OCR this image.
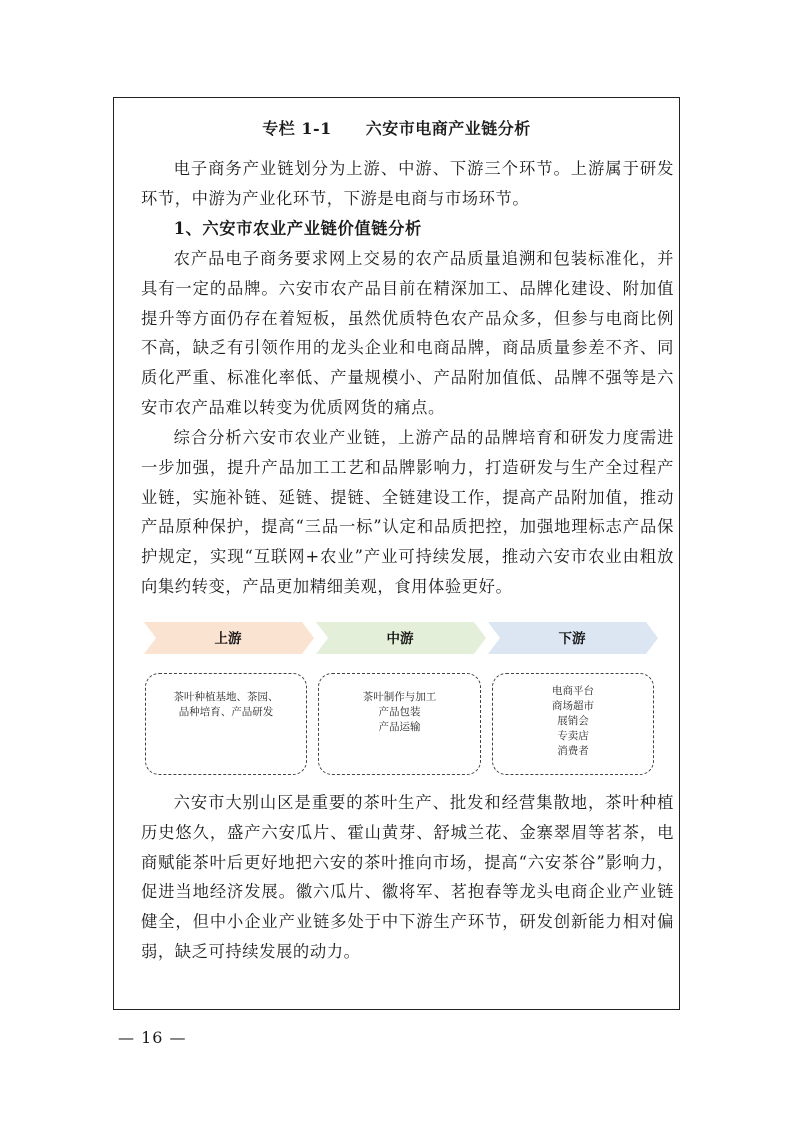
专栏 1-1 六安市电商产业链分析

电子商务产业链划分为上游、中游、下游三个环节。上游属于研发环节，中游为产业化环节，下游是电商与市场环节。

1、六安市农业产业链价值链分析

农产品电子商务要求网上交易的农产品质量追溯和包装标准化，并具有一定的品牌。六安市农产品目前在精深加工、品牌化建设、附加值提升等方面仍存在着短板，虽然优质特色农产品众多，但参与电商比例不高，缺乏有引领作用的龙头企业和电商品牌，商品质量参差不齐、同质化严重、标准化率低、产量规模小、产品附加值低、品牌不强等是六安市农产品难以转变为优质网货的痛点。

综合分析六安市农业产业链，上游产品的品牌培育和研发力度需进一步加强，提升产品加工工艺和品牌影响力，打造研发与生产全过程产业链，实施补链、延链、提链、全链建设工作，提高产品附加值，推动产品原种保护，提高“三品一标”认定和品质把控，加强地理标志产品保护规定，实现“互联网+农业”产业可持续发展，推动六安市农业由粗放向集约转变，产品更加精细美观，食用体验更好。

上游	中游	下游
茶叶种植基地、茶园、
品种培育、产品研发
茶叶制作与加工
产品包装
产品运输
电商平台
商场超市
展销会
专卖店
消费者

六安市大别山区是重要的茶叶生产、批发和经营集散地，茶叶种植历史悠久，盛产六安瓜片、霍山黄芽、舒城兰花、金寨翠眉等茗茶，电商赋能茶叶后更好地把六安的茶叶推向市场，提高“六安茶谷”影响力，促进当地经济发展。徽六瓜片、徽将军、茗抱春等龙头电商企业产业链健全，但中小企业产业链多处于中下游生产环节，研发创新能力相对偏弱，缺乏可持续发展的动力。

— 16 —
